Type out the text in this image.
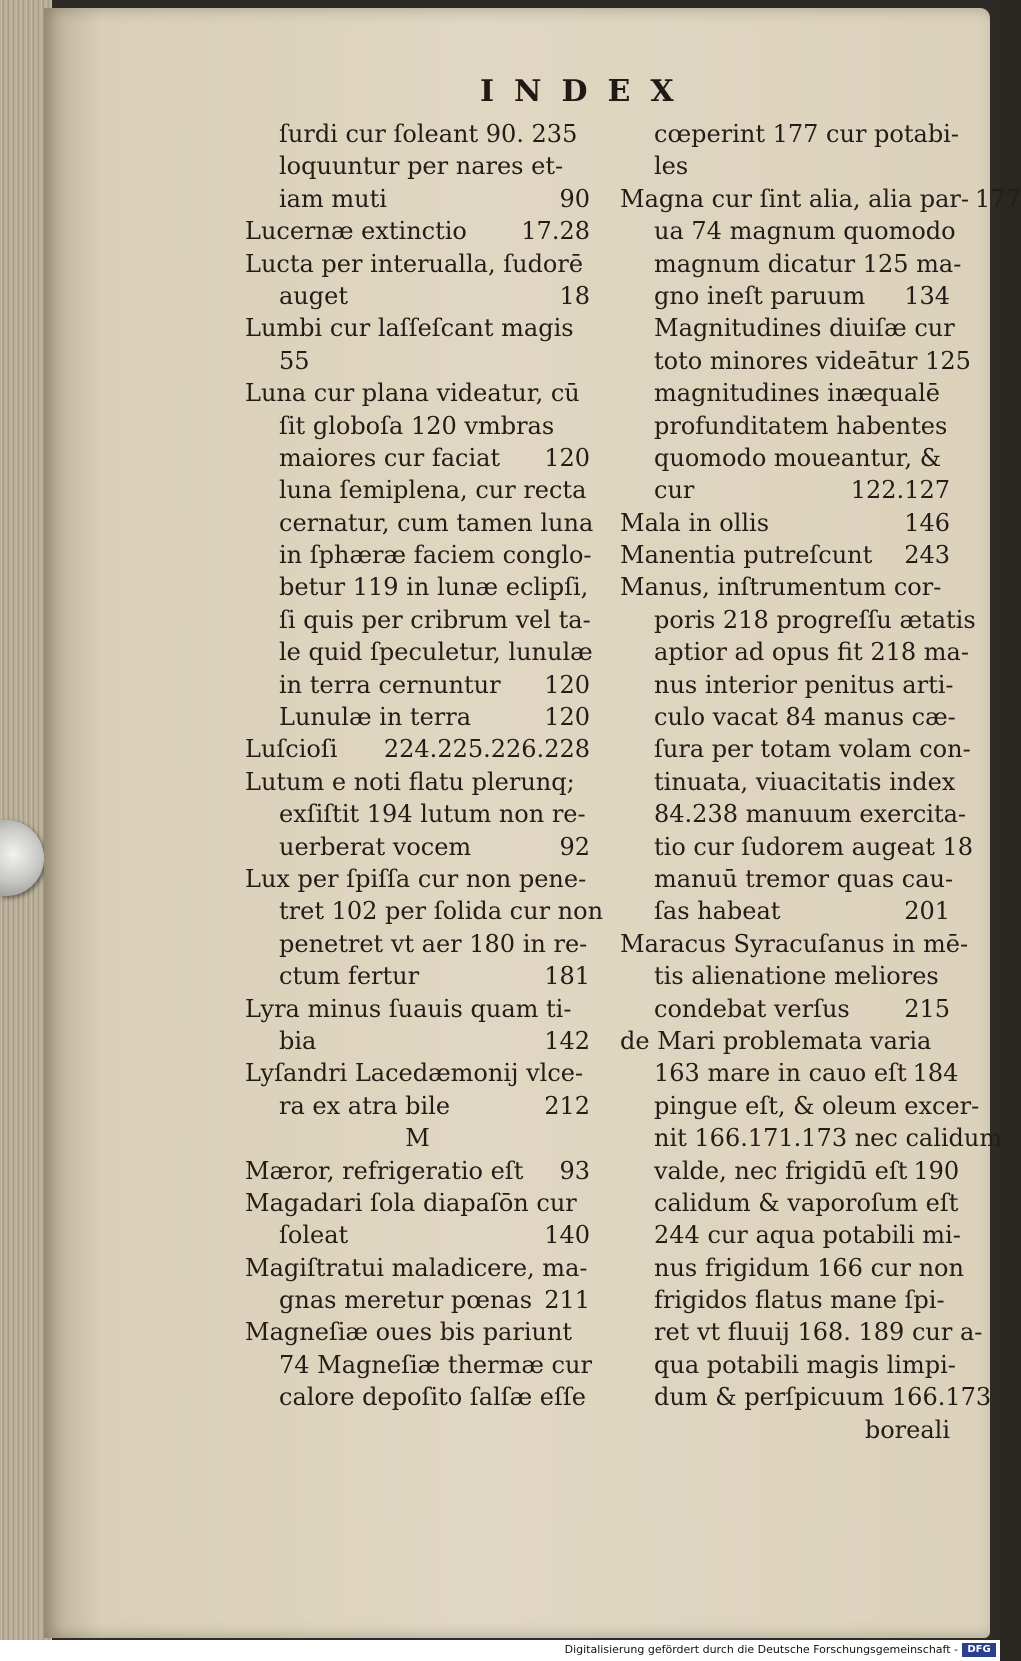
INDEX
ſurdi cur ſoleant 90. 235
loquuntur per nares et-
iam muti	90
Lucernæ extinctio 17.28
Lucta per interualla, ſudorē
auget	18
Lumbi cur laſſeſcant magis
55
Luna cur plana videatur, cū
ſit globoſa 120 vmbras
maiores cur faciat 120
luna ſemiplena, cur recta
cernatur, cum tamen luna
in ſphæræ faciem conglo-
betur 119 in lunæ eclipſi,
ſi quis per cribrum vel ta-
le quid ſpeculetur, lunulæ
in terra cernuntur 120
Lunulæ in terra	120
Luſcioſi 224.225.226.228
Lutum e noti flatu plerunq;
exſiſtit 194 lutum non re-
uerberat vocem	92
Lux per ſpiſſa cur non pene-
tret 102 per ſolida cur non
penetret vt aer 180 in re-
ctum fertur	181
Lyra minus ſuauis quam ti-
bia	142
Lyſandri Lacedæmonij vlce-
ra ex atra bile	212
M
Mæror, refrigeratio eſt 93
Magadari ſola diapaſōn cur
ſoleat	140
Magiſtratui maladicere, ma-
gnas meretur pœnas 211
Magneſiæ oues bis pariunt
74 Magneſiæ thermæ cur
calore depoſito ſalſæ eſſe
cœperint 177 cur potabi-
les
Magna cur ſint alia, alia par- 177
ua 74 magnum quomodo
magnum dicatur 125 ma-
gno ineſt paruum 134
Magnitudines diuiſæ cur
toto minores videātur 125
magnitudines inæqualē
profunditatem habentes
quomodo moueantur, &
cur	122.127
Mala in ollis	146
Manentia putreſcunt 243
Manus, inſtrumentum cor-
poris 218 progreſſu ætatis
aptior ad opus fit 218 ma-
nus interior penitus arti-
culo vacat 84 manus cæ-
ſura per totam volam con-
tinuata, viuacitatis index
84.238 manuum exercita-
tio cur ſudorem augeat 18
manuū tremor quas cau-
ſas habeat	201
Maracus Syracuſanus in mē-
tis alienatione meliores
condebat verſus 215
de Mari problemata varia
163 mare in cauo eſt 184
pingue eſt, & oleum excer-
nit 166.171.173 nec calidum
valde, nec frigidū eſt 190
calidum & vaporoſum eſt
244 cur aqua potabili mi-
nus frigidum 166 cur non
frigidos flatus mane ſpi-
ret vt fluuij 168. 189 cur a-
qua potabili magis limpi-
dum & perſpicuum 166.173
boreali
Digitalisierung gefördert durch die Deutsche Forschungsgemeinschaft - DFG
